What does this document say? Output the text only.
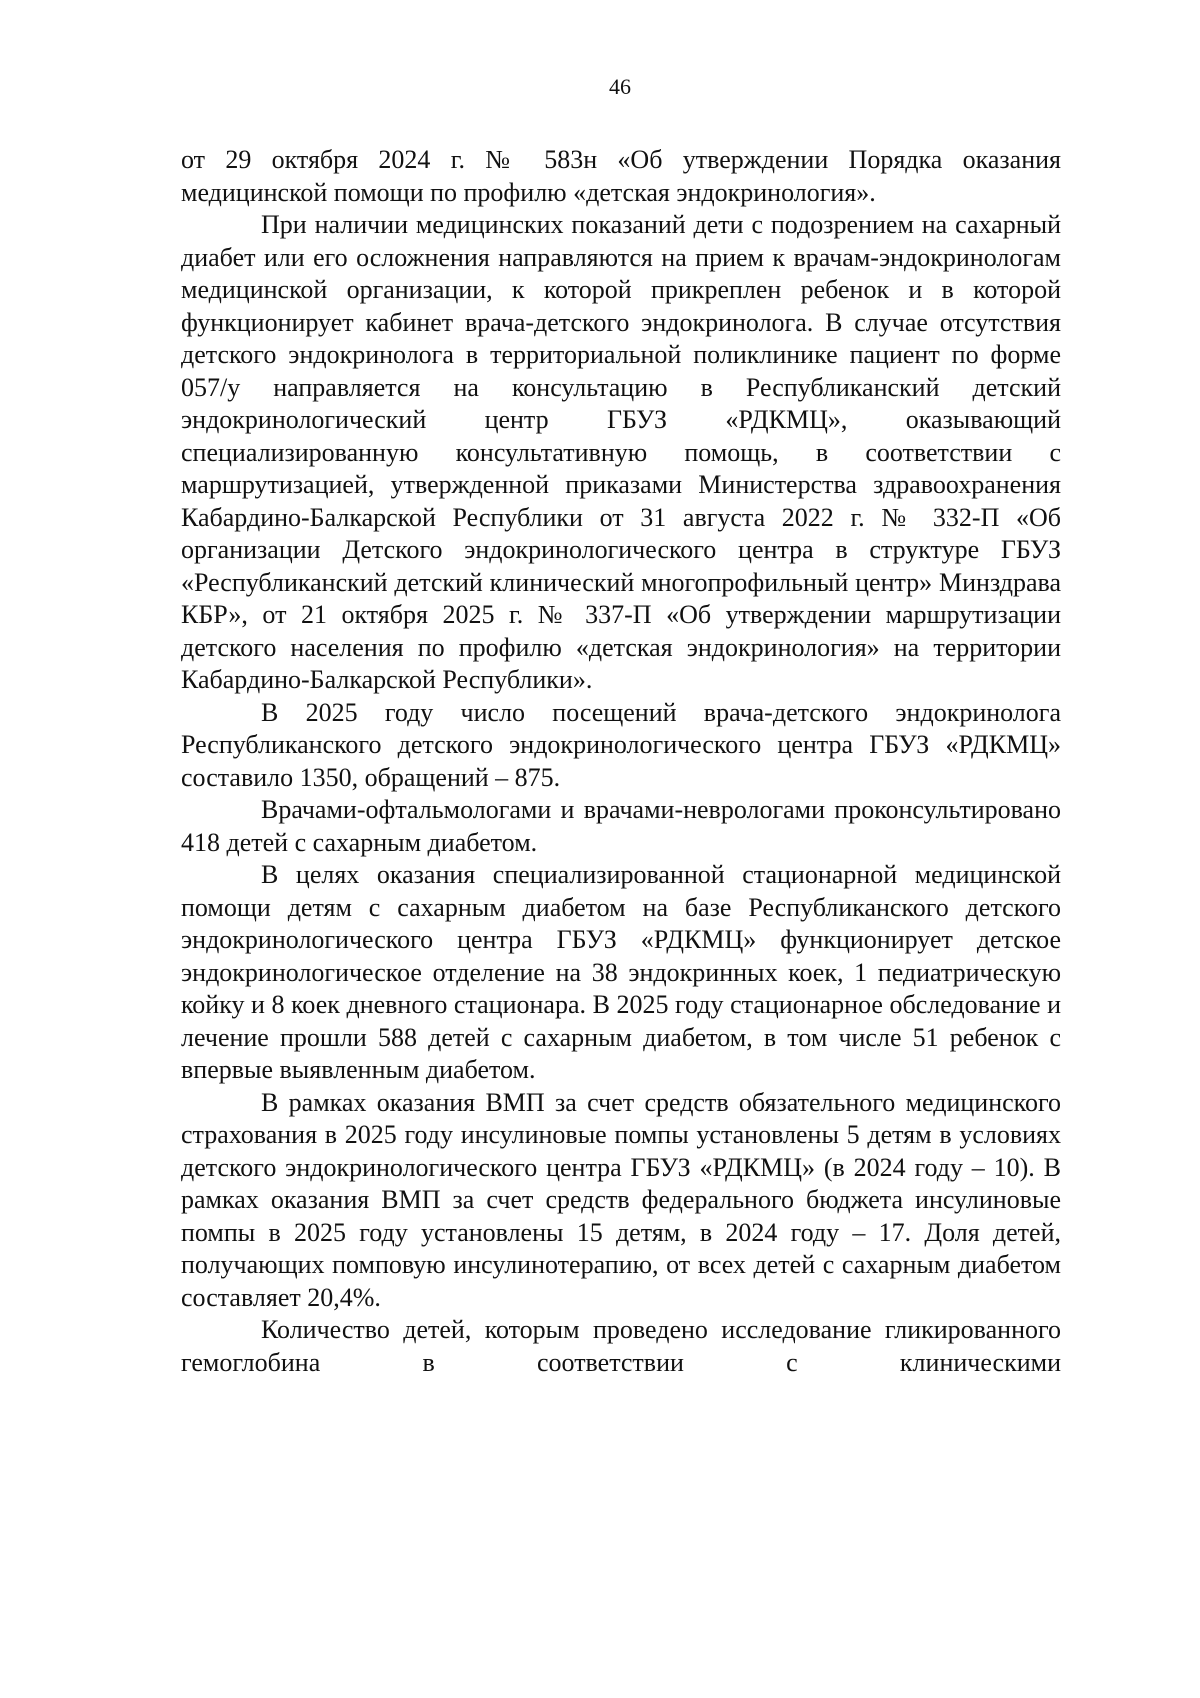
46

от 29 октября 2024 г. № 583н «Об утверждении Порядка оказания медицинской помощи по профилю «детская эндокринология».

При наличии медицинских показаний дети с подозрением на сахарный диабет или его осложнения направляются на прием к врачам-эндокринологам медицинской организации, к которой прикреплен ребенок и в которой функционирует кабинет врача-детского эндокринолога. В случае отсутствия детского эндокринолога в территориальной поликлинике пациент по форме 057/у направляется на консультацию в Республиканский детский эндокринологический центр ГБУЗ «РДКМЦ», оказывающий специализированную консультативную помощь, в соответствии с маршрутизацией, утвержденной приказами Министерства здравоохранения Кабардино-Балкарской Республики от 31 августа 2022 г. № 332-П «Об организации Детского эндокринологического центра в структуре ГБУЗ «Республиканский детский клинический многопрофильный центр» Минздрава КБР», от 21 октября 2025 г. № 337-П «Об утверждении маршрутизации детского населения по профилю «детская эндокринология» на территории Кабардино-Балкарской Республики».

В 2025 году число посещений врача-детского эндокринолога Республиканского детского эндокринологического центра ГБУЗ «РДКМЦ» составило 1350, обращений – 875.

Врачами-офтальмологами и врачами-неврологами проконсультировано 418 детей с сахарным диабетом.

В целях оказания специализированной стационарной медицинской помощи детям с сахарным диабетом на базе Республиканского детского эндокринологического центра ГБУЗ «РДКМЦ» функционирует детское эндокринологическое отделение на 38 эндокринных коек, 1 педиатрическую койку и 8 коек дневного стационара. В 2025 году стационарное обследование и лечение прошли 588 детей с сахарным диабетом, в том числе 51 ребенок с впервые выявленным диабетом.

В рамках оказания ВМП за счет средств обязательного медицинского страхования в 2025 году инсулиновые помпы установлены 5 детям в условиях детского эндокринологического центра ГБУЗ «РДКМЦ» (в 2024 году – 10). В рамках оказания ВМП за счет средств федерального бюджета инсулиновые помпы в 2025 году установлены 15 детям, в 2024 году – 17. Доля детей, получающих помповую инсулинотерапию, от всех детей с сахарным диабетом составляет 20,4%.

Количество детей, которым проведено исследование гликированного гемоглобина в соответствии с клиническими
